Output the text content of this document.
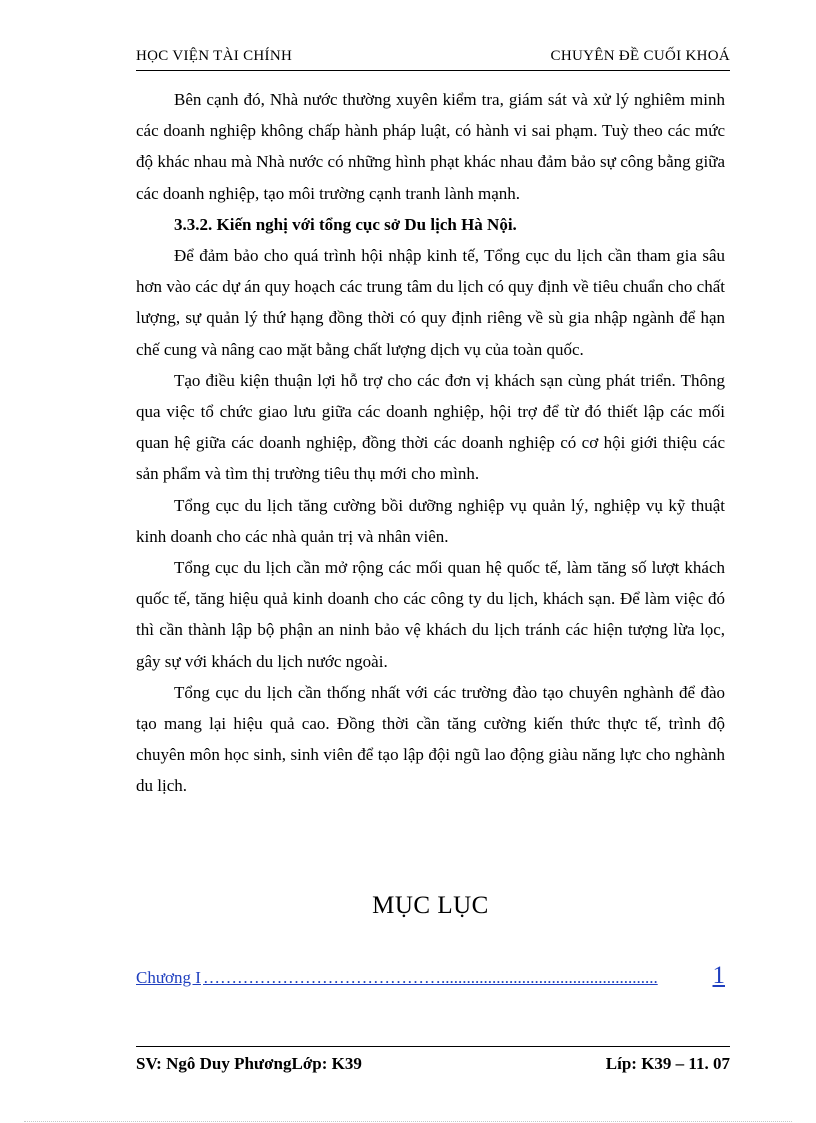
HỌC VIỆN TÀI CHÍNH	CHUYÊN ĐỀ CUỐI KHOÁ

Bên cạnh đó, Nhà nước thường xuyên kiểm tra, giám sát và xử lý nghiêm minh các doanh nghiệp không chấp hành pháp luật, có hành vi sai phạm. Tuỳ theo các mức độ khác nhau mà Nhà nước có những hình phạt khác nhau đảm bảo sự công bằng giữa các doanh nghiệp, tạo môi trường cạnh tranh lành mạnh.

3.3.2. Kiến nghị với tổng cục sở Du lịch Hà Nội.

Để đảm bảo cho quá trình hội nhập kinh tế, Tổng cục du lịch cần tham gia sâu hơn vào các dự án quy hoạch các trung tâm du lịch có quy định về tiêu chuẩn cho chất lượng, sự quản lý thứ hạng đồng thời có quy định riêng về sù gia nhập ngành để hạn chế cung và nâng cao mặt bằng chất lượng dịch vụ của toàn quốc.

Tạo điều kiện thuận lợi hỗ trợ cho các đơn vị khách sạn cùng phát triển. Thông qua việc tổ chức giao lưu giữa các doanh nghiệp, hội trợ để từ đó thiết lập các mối quan hệ giữa các doanh nghiệp, đồng thời các doanh nghiệp có cơ hội giới thiệu các sản phẩm và tìm thị trường tiêu thụ mới cho mình.

Tổng cục du lịch tăng cường bồi dưỡng nghiệp vụ quản lý, nghiệp vụ kỹ thuật kinh doanh cho các nhà quản trị và nhân viên.

Tổng cục du lịch cần mở rộng các mối quan hệ quốc tế, làm tăng số lượt khách quốc tế, tăng hiệu quả kinh doanh cho các công ty du lịch, khách sạn. Để làm việc đó thì cần thành lập bộ phận an ninh bảo vệ khách du lịch tránh các hiện tượng lừa lọc, gây sự với khách du lịch nước ngoài.

Tổng cục du lịch cần thống nhất với các trường đào tạo chuyên nghành để đào tạo mang lại hiệu quả cao. Đồng thời cần tăng cường kiến thức thực tế, trình độ chuyên môn học sinh, sinh viên để tạo lập đội ngũ lao động giàu năng lực cho nghành du lịch.

MỤC LỤC
Chương I ……………………………………...................................................	1
SV: Ngô Duy PhươngLớp: K39	Líp: K39 – 11. 07
